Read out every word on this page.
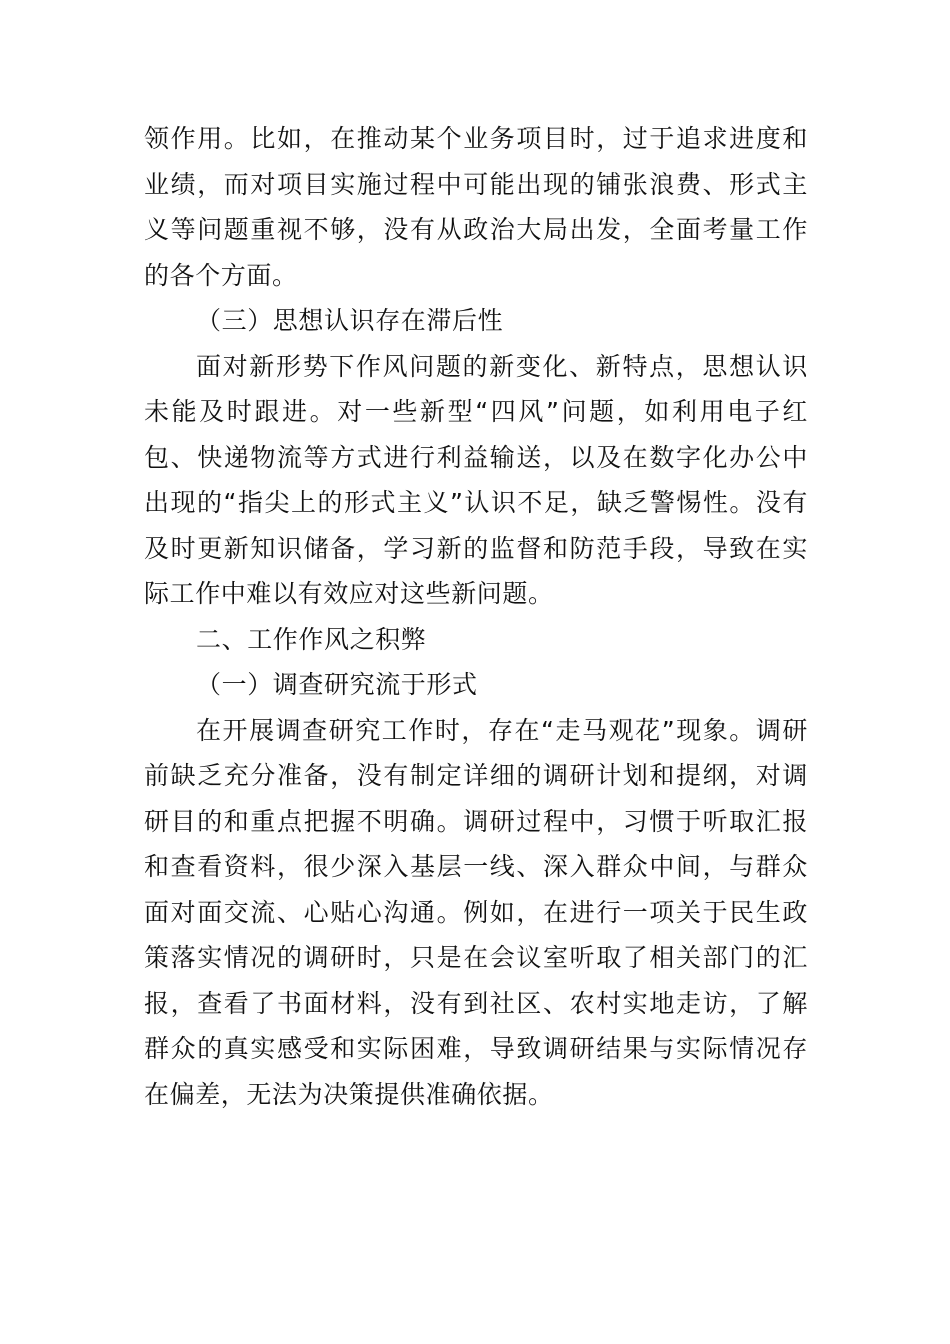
领作用。比如，在推动某个业务项目时，过于追求进度和业绩，而对项目实施过程中可能出现的铺张浪费、形式主义等问题重视不够，没有从政治大局出发，全面考量工作的各个方面。

（三）思想认识存在滞后性

面对新形势下作风问题的新变化、新特点，思想认识未能及时跟进。对一些新型“四风”问题，如利用电子红包、快递物流等方式进行利益输送，以及在数字化办公中出现的“指尖上的形式主义”认识不足，缺乏警惕性。没有及时更新知识储备，学习新的监督和防范手段，导致在实际工作中难以有效应对这些新问题。

二、工作作风之积弊

（一）调查研究流于形式

在开展调查研究工作时，存在“走马观花”现象。调研前缺乏充分准备，没有制定详细的调研计划和提纲，对调研目的和重点把握不明确。调研过程中，习惯于听取汇报和查看资料，很少深入基层一线、深入群众中间，与群众面对面交流、心贴心沟通。例如，在进行一项关于民生政策落实情况的调研时，只是在会议室听取了相关部门的汇报，查看了书面材料，没有到社区、农村实地走访，了解群众的真实感受和实际困难，导致调研结果与实际情况存在偏差，无法为决策提供准确依据。
